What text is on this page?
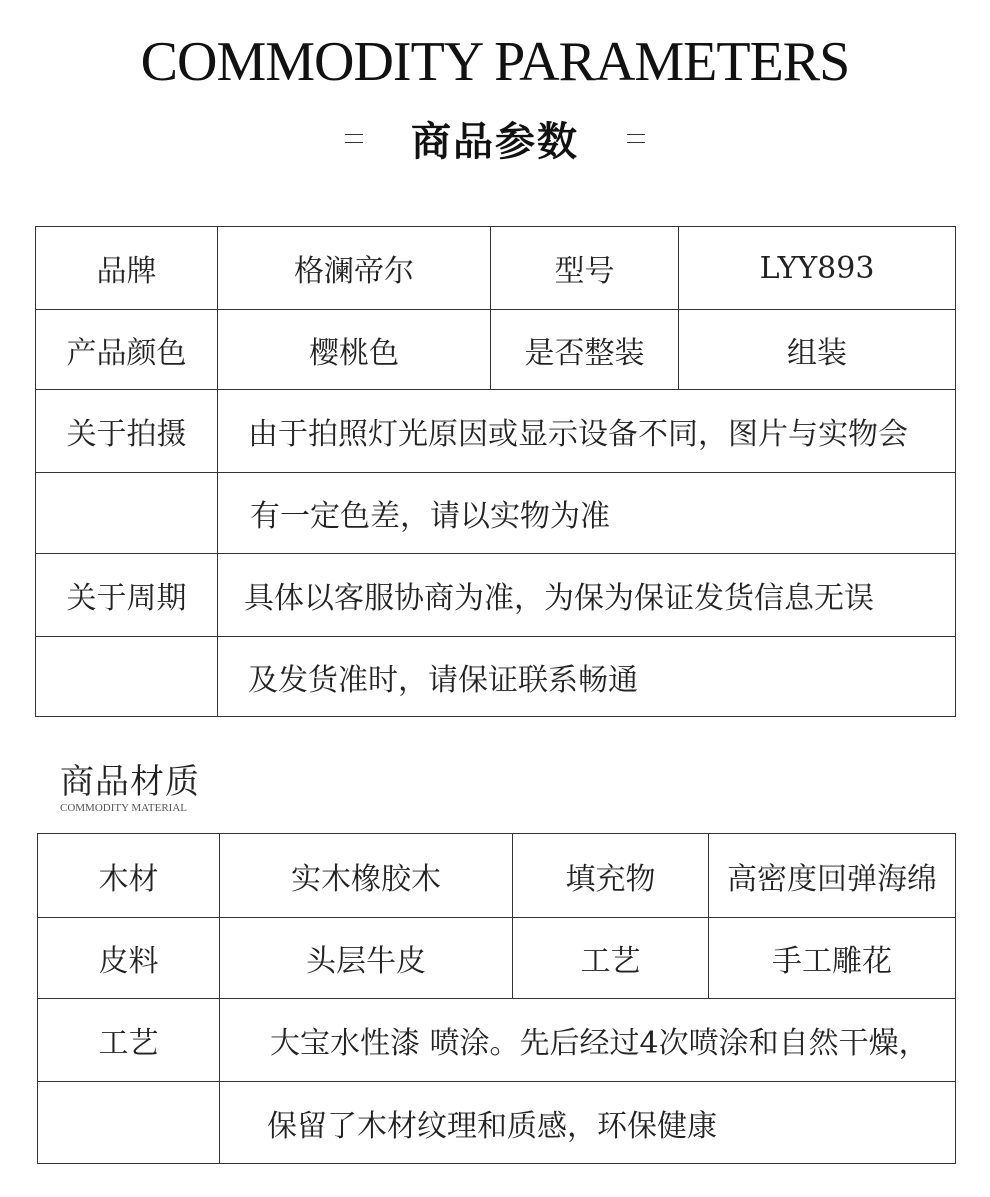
COMMODITY PARAMETERS
商品参数
品牌	格澜帝尔	型号	LYY893
产品颜色	樱桃色	是否整装	组装
关于拍摄	由于拍照灯光原因或显示设备不同，图片与实物会		
	有一定色差，请以实物为准		
关于周期	具体以客服协商为准，为保为保证发货信息无误		
	及发货准时，请保证联系畅通		
商品材质
COMMODITY MATERIAL
木材	实木橡胶木	填充物	高密度回弹海绵
皮料	头层牛皮	工艺	手工雕花
工艺	大宝水性漆 喷涂。先后经过4次喷涂和自然干燥，		
	保留了木材纹理和质感，环保健康		
